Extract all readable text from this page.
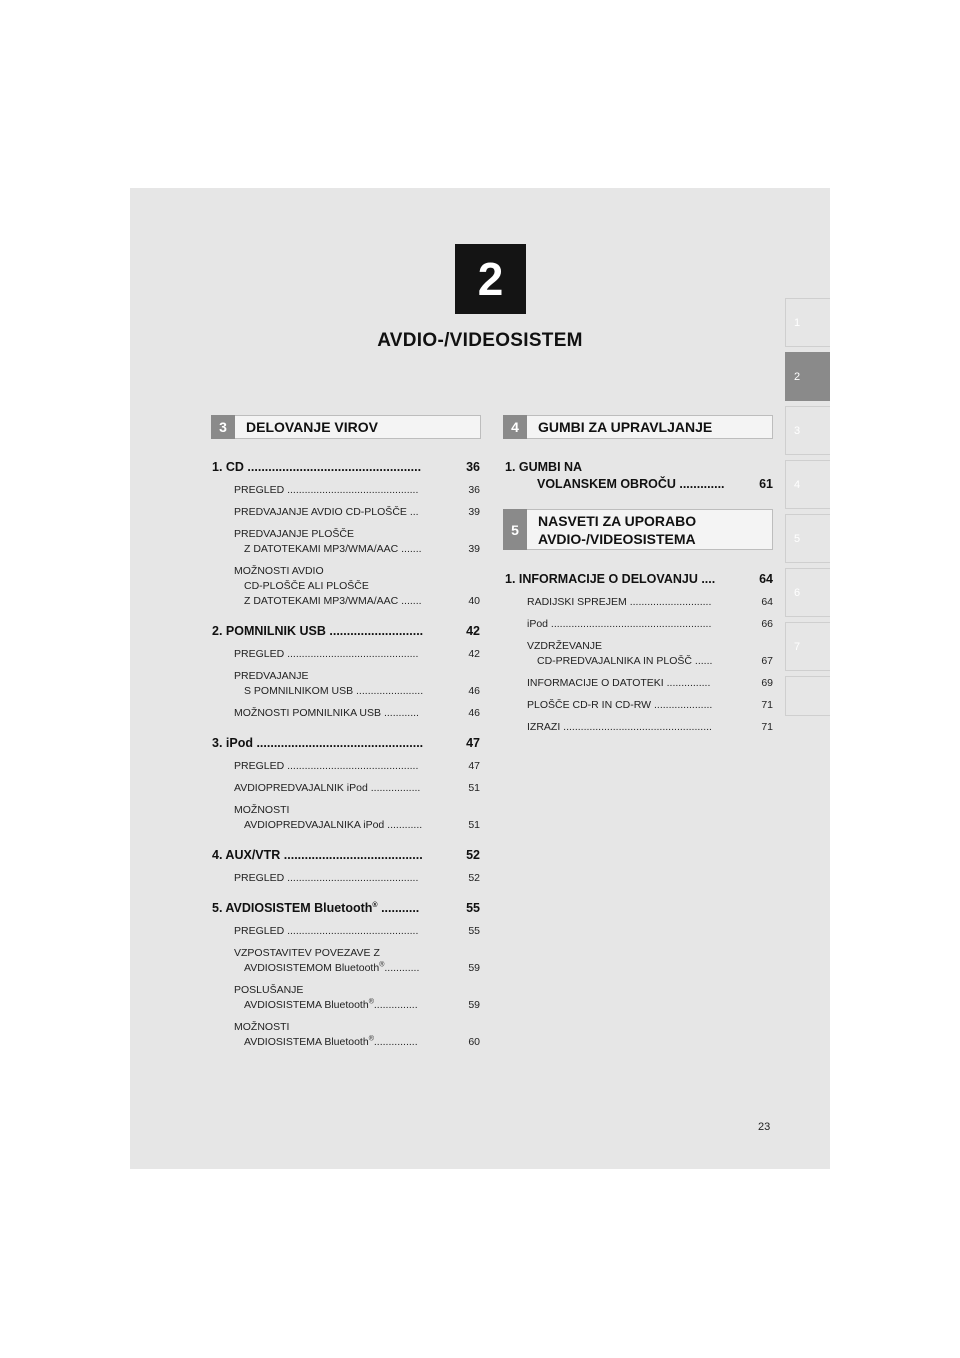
2
AVDIO-/VIDEOSISTEM
1
2
3
4
5
6
7
3	DELOVANJE VIROV	4	GUMBI ZA UPRAVLJANJE
5
NASVETI ZA UPORABO
AVDIO-/VIDEOSISTEMA
1. CD ..................................................	36
PREGLED .............................................	36
PREDVAJANJE AVDIO CD-PLOŠČE ...	39
PREDVAJANJE PLOŠČE
Z DATOTEKAMI MP3/WMA/AAC .......	39
MOŽNOSTI AVDIO
CD-PLOŠČE ALI PLOŠČE
Z DATOTEKAMI MP3/WMA/AAC .......	40
2. POMNILNIK USB ...........................	42
PREGLED .............................................	42
PREDVAJANJE
S POMNILNIKOM USB .......................	46
MOŽNOSTI POMNILNIKA USB ............	46
3. iPod ................................................	47
PREGLED .............................................	47
AVDIOPREDVAJALNIK iPod .................	51
MOŽNOSTI
AVDIOPREDVAJALNIKA iPod ............	51
4. AUX/VTR ........................................	52
PREGLED .............................................	52
5. AVDIOSISTEM Bluetooth® ...........	55
PREGLED .............................................	55
VZPOSTAVITEV POVEZAVE Z
AVDIOSISTEMOM Bluetooth®............	59
POSLUŠANJE
AVDIOSISTEMA Bluetooth®...............	59
MOŽNOSTI
AVDIOSISTEMA Bluetooth®...............	60
1. GUMBI NA
VOLANSKEM OBROČU .............	61
1. INFORMACIJE O DELOVANJU ....	64
RADIJSKI SPREJEM ............................	64
iPod .......................................................	66
VZDRŽEVANJE
CD-PREDVAJALNIKA IN PLOŠČ ......	67
INFORMACIJE O DATOTEKI ...............	69
PLOŠČE CD-R IN CD-RW ....................	71
IZRAZI ...................................................	71
23
